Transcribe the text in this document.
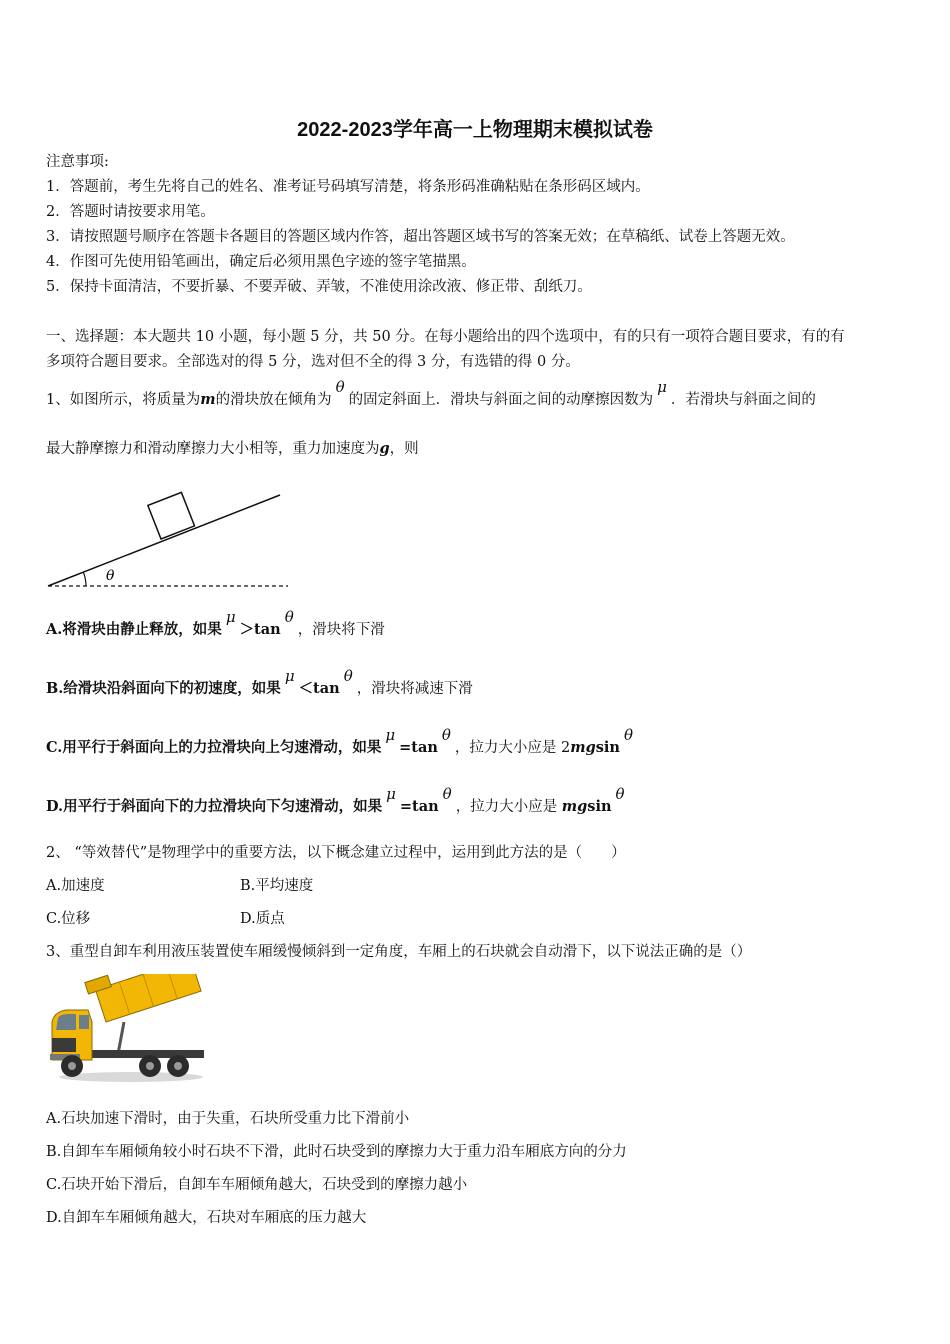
2022-2023学年高一上物理期末模拟试卷
注意事项:
1．答题前，考生先将自己的姓名、准考证号码填写清楚，将条形码准确粘贴在条形码区域内。
2．答题时请按要求用笔。
3．请按照题号顺序在答题卡各题目的答题区域内作答，超出答题区域书写的答案无效；在草稿纸、试卷上答题无效。
4．作图可先使用铅笔画出，确定后必须用黑色字迹的签字笔描黑。
5．保持卡面清洁，不要折暴、不要弄破、弄皱，不准使用涂改液、修正带、刮纸刀。
一、选择题：本大题共 10 小题，每小题 5 分，共 50 分。在每小题给出的四个选项中，有的只有一项符合题目要求，有的有
多项符合题目要求。全部选对的得 5 分，选对但不全的得 3 分，有选错的得 0 分。
1、如图所示，将质量为m的滑块放在倾角为θ的固定斜面上．滑块与斜面之间的动摩擦因数为μ．若滑块与斜面之间的
最大静摩擦力和滑动摩擦力大小相等，重力加速度为g，则
θ
A.将滑块由静止释放，如果μ＞tanθ，滑块将下滑
B.给滑块沿斜面向下的初速度，如果μ＜tanθ，滑块将减速下滑
C.用平行于斜面向上的力拉滑块向上匀速滑动，如果μ=tanθ，拉力大小应是 2mgsinθ
D.用平行于斜面向下的力拉滑块向下匀速滑动，如果μ=tanθ，拉力大小应是 mgsinθ
2、 “等效替代”是物理学中的重要方法，以下概念建立过程中，运用到此方法的是（　　）
A.加速度	B.平均速度
C.位移	D.质点
3、重型自卸车利用液压装置使车厢缓慢倾斜到一定角度，车厢上的石块就会自动滑下，以下说法正确的是（）
A.石块加速下滑时，由于失重，石块所受重力比下滑前小
B.自卸车车厢倾角较小时石块不下滑，此时石块受到的摩擦力大于重力沿车厢底方向的分力
C.石块开始下滑后，自卸车车厢倾角越大，石块受到的摩擦力越小
D.自卸车车厢倾角越大，石块对车厢底的压力越大
